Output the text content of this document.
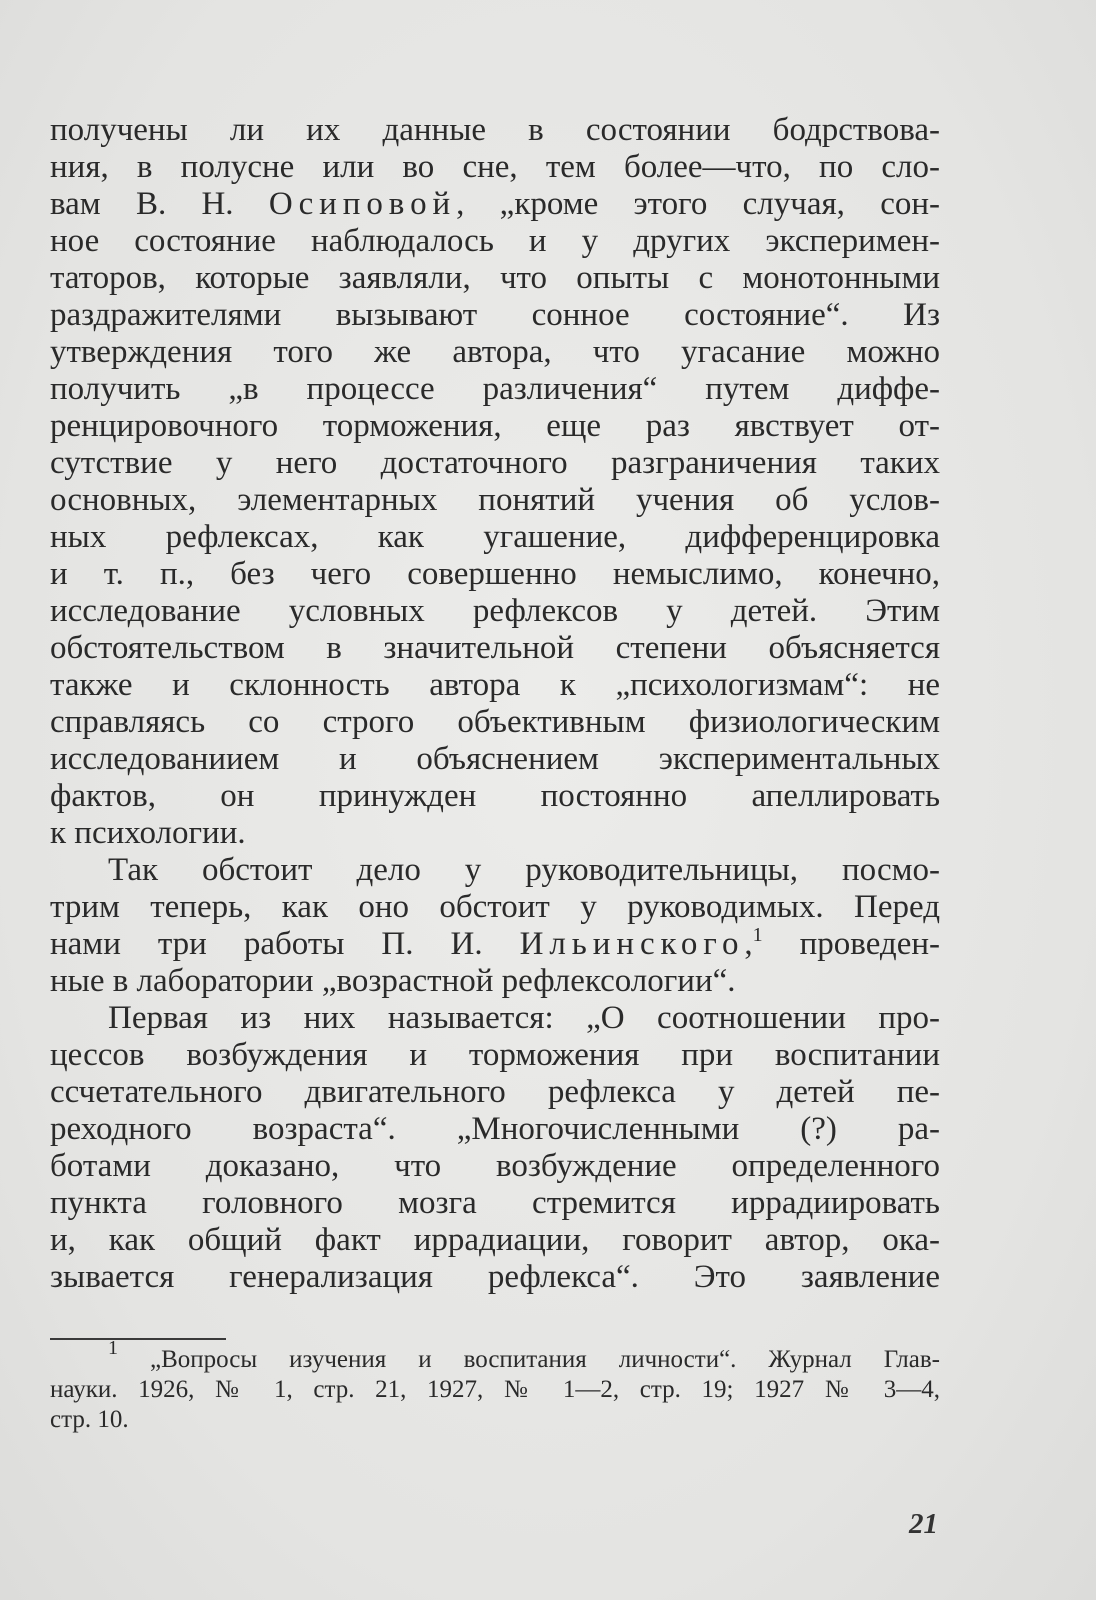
получены ли их данные в состоянии бодрствова-
ния, в полусне или во сне, тем более—что, по сло-
вам В. Н. Осиповой, „кроме этого случая, сон-
ное состояние наблюдалось и у других эксперимен-
таторов, которые заявляли, что опыты с монотонными
раздражителями вызывают сонное состояние“. Из
утверждения того же автора, что угасание можно
получить „в процессе различения“ путем диффе-
ренцировочного торможения, еще раз явствует от-
сутствие у него достаточного разграничения таких
основных, элементарных понятий учения об услов-
ных рефлексах, как угашение, дифференцировка
и т. п., без чего совершенно немыслимо, конечно,
исследование условных рефлексов у детей. Этим
обстоятельством в значительной степени объясняется
также и склонность автора к „психологизмам“: не
справляясь со строго объективным физиологическим
исследованиием и объяснением экспериментальных
фактов, он принужден постоянно апеллировать
к психологии.
Так обстоит дело у руководительницы, посмо-
трим теперь, как оно обстоит у руководимых. Перед
нами три работы П. И. Ильинского,$^1$ проведен-
ные в лаборатории „возрастной рефлексологии“.
Первая из них называется: „О соотношении про-
цессов возбуждения и торможения при воспитании
ссчетательного двигательного рефлекса у детей пе-
реходного возраста“. „Многочисленными (?) ра-
ботами доказано, что возбуждение определенного
пункта головного мозга стремится иррадиировать
и, как общий факт иррадиации, говорит автор, ока-
зывается генерализация рефлекса“. Это заявление
$^1$ „Вопросы изучения и воспитания личности“. Журнал Глав-
науки. 1926, № 1, стр. 21, 1927, № 1—2, стр. 19; 1927 № 3—4,
стр. 10.
21
